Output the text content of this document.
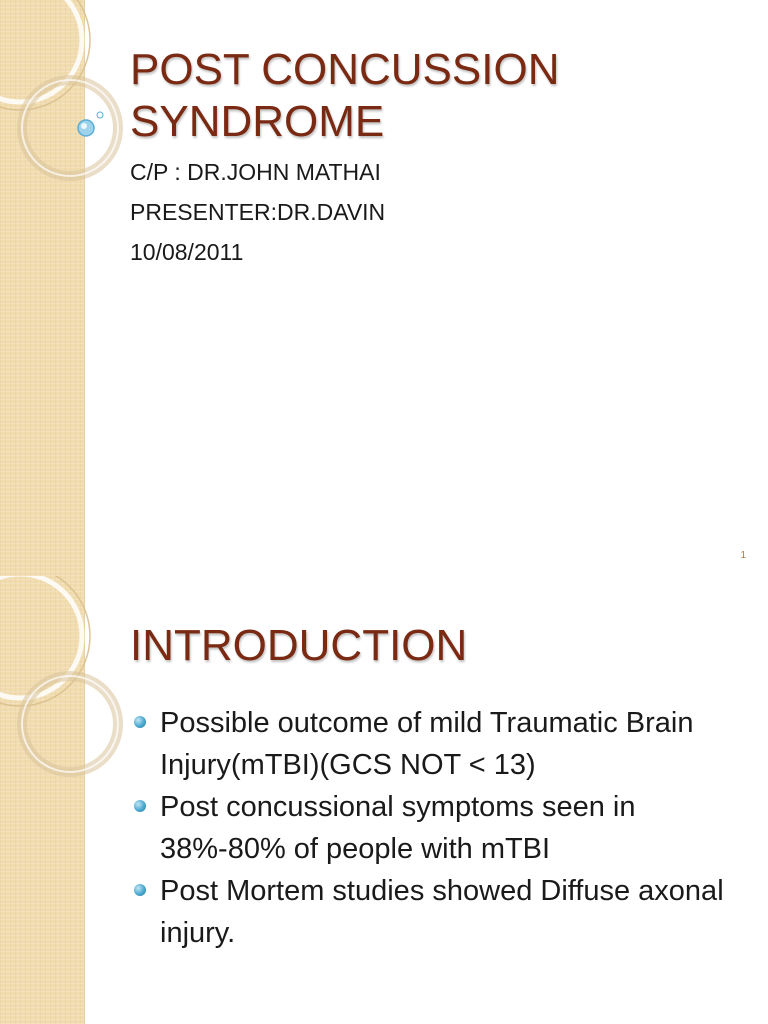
POST CONCUSSION SYNDROME
C/P : DR.JOHN MATHAI
PRESENTER:DR.DAVIN
10/08/2011
1
INTRODUCTION
Possible outcome of mild Traumatic Brain Injury(mTBI)(GCS NOT < 13)
Post concussional symptoms seen in 38%-80% of people with mTBI
Post Mortem studies showed Diffuse axonal injury.
